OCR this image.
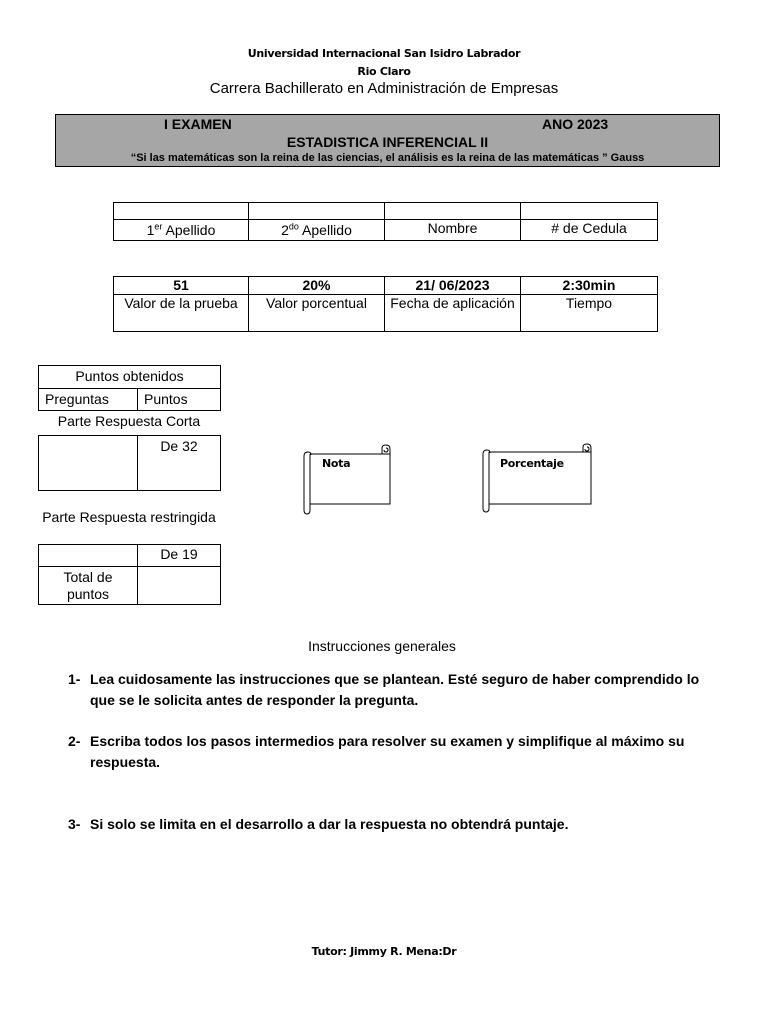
Universidad Internacional San Isidro Labrador
Rio Claro
Carrera Bachillerato en Administración de Empresas
I EXAMEN	ANO 2023
ESTADISTICA INFERENCIAL II
“Si las matemáticas son la reina de las ciencias, el análisis es la reina de las matemáticas ” Gauss

1er Apellido	$2^{do}$ Apellido	Nombre	# de Cedula
51	20%	21/ 06/2023	2:30min
Valor de la prueba	Valor porcentual	Fecha de aplicación	Tiempo
Puntos obtenidos
Preguntas	Puntos
Parte Respuesta Corta
	De 32
Parte Respuesta restringida
	De 19
Total de puntos	
Nota	Porcentaje
Instrucciones generales
1- Lea cuidosamente las instrucciones que se plantean. Esté seguro de haber comprendido lo que se le solicita antes de responder la pregunta.
2- Escriba todos los pasos intermedios para resolver su examen y simplifique al máximo su respuesta.
3- Si solo se limita en el desarrollo a dar la respuesta no obtendrá puntaje.
Tutor: Jimmy R. Mena:Dr
